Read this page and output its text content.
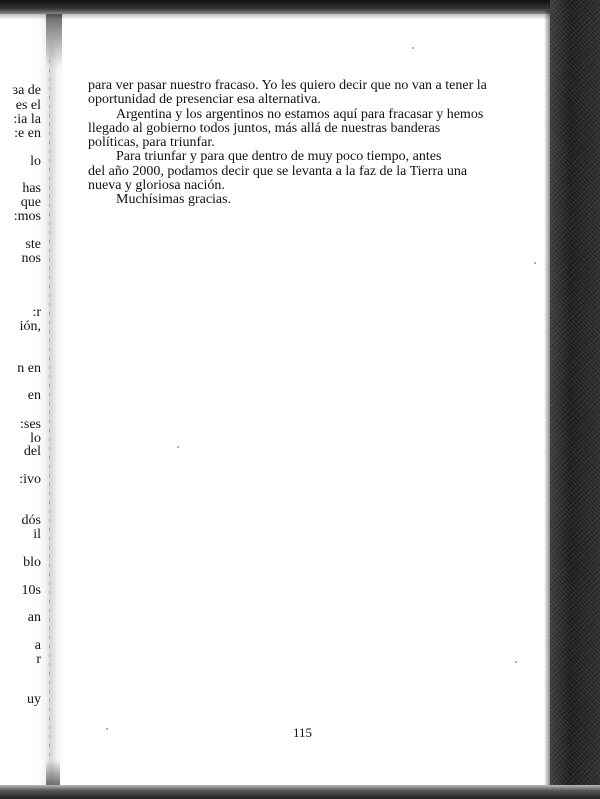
ɜa de
es el
:ia la
:e en
lo
has
que
:mos
ste
nos
:r
ión,
n en
en
:ses
lo
del
:ivo
dós
il
blo
10s
an
a
r
uy

para ver pasar nuestro fracaso. Yo les quiero decir que no van a tener la

oportunidad de presenciar esa alternativa.

Argentina y los argentinos no estamos aquí para fracasar y hemos

llegado al gobierno todos juntos, más allá de nuestras banderas

políticas, para triunfar.

Para triunfar y para que dentro de muy poco tiempo, antes

del año 2000, podamos decir que se levanta a la faz de la Tierra una

nueva y gloriosa nación.

Muchísimas gracias.

115
